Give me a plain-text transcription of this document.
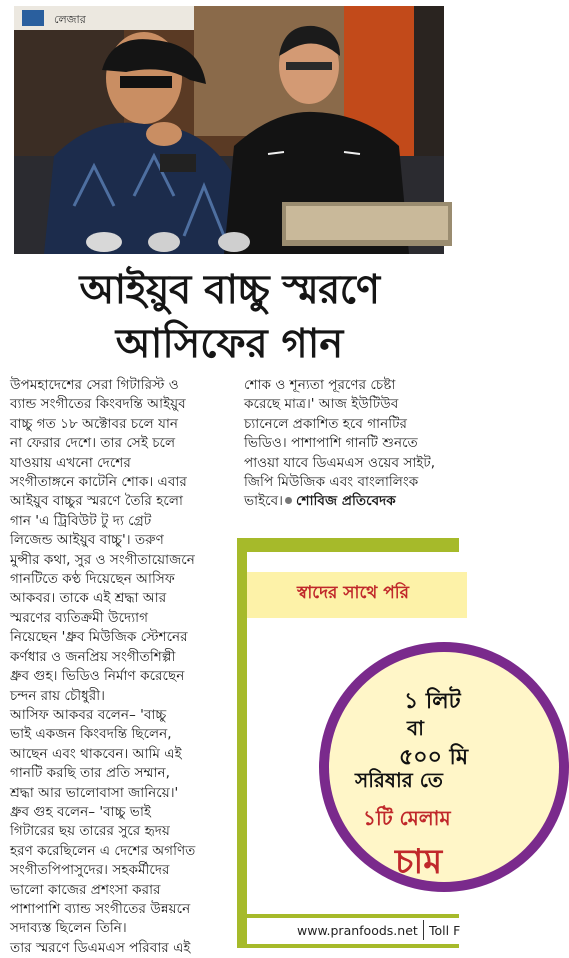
লেজার
আইয়ুব বাচ্চু স্মরণে
আসিফের গান
উপমহাদেশের সেরা গিটারিস্ট ও
ব্যান্ড সংগীতের কিংবদন্তি আইয়ুব
বাচ্চু গত ১৮ অক্টোবর চলে যান
না ফেরার দেশে। তার সেই চলে
যাওয়ায় এখনো দেশের
সংগীতাঙ্গনে কাটেনি শোক। এবার
আইয়ুব বাচ্চুর স্মরণে তৈরি হলো
গান 'এ ট্রিবিউট টু দ্য গ্রেট
লিজেন্ড আইয়ুব বাচ্চু'। তরুণ
মুন্সীর কথা, সুর ও সংগীতায়োজনে
গানটিতে কণ্ঠ দিয়েছেন আসিফ
আকবর। তাকে এই শ্রদ্ধা আর
স্মরণের ব্যতিক্রমী উদ্যোগ
নিয়েছেন 'ধ্রুব মিউজিক স্টেশনের
কর্ণধার ও জনপ্রিয় সংগীতশিল্পী
ধ্রুব গুহ। ভিডিও নির্মাণ করেছেন
চন্দন রায় চৌধুরী।
আসিফ আকবর বলেন– 'বাচ্চু
ভাই একজন কিংবদন্তি ছিলেন,
আছেন এবং থাকবেন। আমি এই
গানটি করছি তার প্রতি সম্মান,
শ্রদ্ধা আর ভালোবাসা জানিয়ে।'
ধ্রুব গুহ বলেন– 'বাচ্চু ভাই
গিটারের ছয় তারের সুরে হৃদয়
হরণ করেছিলেন এ দেশের অগণিত
সংগীতপিপাসুদের। সহকর্মীদের
ভালো কাজের প্রশংসা করার
পাশাপাশি ব্যান্ড সংগীতের উন্নয়নে
সদাব্যস্ত ছিলেন তিনি।
তার স্মরণে ডিএমএস পরিবার এই
শোক ও শূন্যতা পূরণের চেষ্টা
করেছে মাত্র।' আজ ইউটিউব
চ্যানেলে প্রকাশিত হবে গানটির
ভিডিও। পাশাপাশি গানটি শুনতে
পাওয়া যাবে ডিএমএস ওয়েব সাইট,
জিপি মিউজিক এবং বাংলালিংক
ভাইবে। শোবিজ প্রতিবেদক
স্বাদের সাথে পরি
১ লিট
বা
৫০০ মি
সরিষার তে
১টি মেলাম
চাম
www.pranfoods.net Toll F
